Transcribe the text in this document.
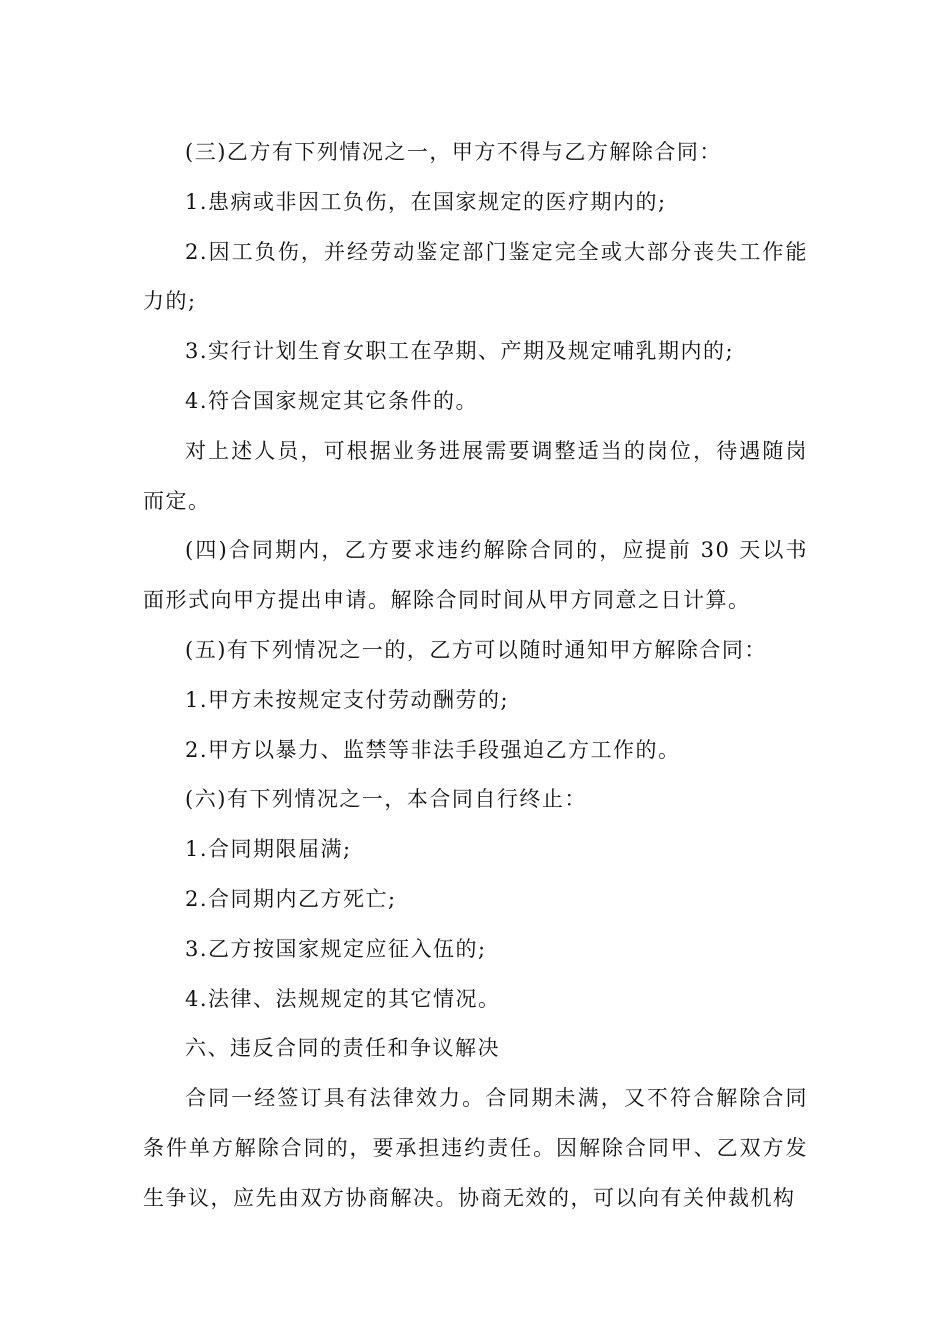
(三)乙方有下列情况之一，甲方不得与乙方解除合同：

1.患病或非因工负伤，在国家规定的医疗期内的;

2.因工负伤，并经劳动鉴定部门鉴定完全或大部分丧失工作能力的;

3.实行计划生育女职工在孕期、产期及规定哺乳期内的;

4.符合国家规定其它条件的。

对上述人员，可根据业务进展需要调整适当的岗位，待遇随岗而定。

(四)合同期内，乙方要求违约解除合同的，应提前 30 天以书面形式向甲方提出申请。解除合同时间从甲方同意之日计算。

(五)有下列情况之一的，乙方可以随时通知甲方解除合同：

1.甲方未按规定支付劳动酬劳的;

2.甲方以暴力、监禁等非法手段强迫乙方工作的。

(六)有下列情况之一，本合同自行终止：

1.合同期限届满;

2.合同期内乙方死亡;

3.乙方按国家规定应征入伍的;

4.法律、法规规定的其它情况。

六、违反合同的责任和争议解决

合同一经签订具有法律效力。合同期未满，又不符合解除合同条件单方解除合同的，要承担违约责任。因解除合同甲、乙双方发生争议，应先由双方协商解决。协商无效的，可以向有关仲裁机构
